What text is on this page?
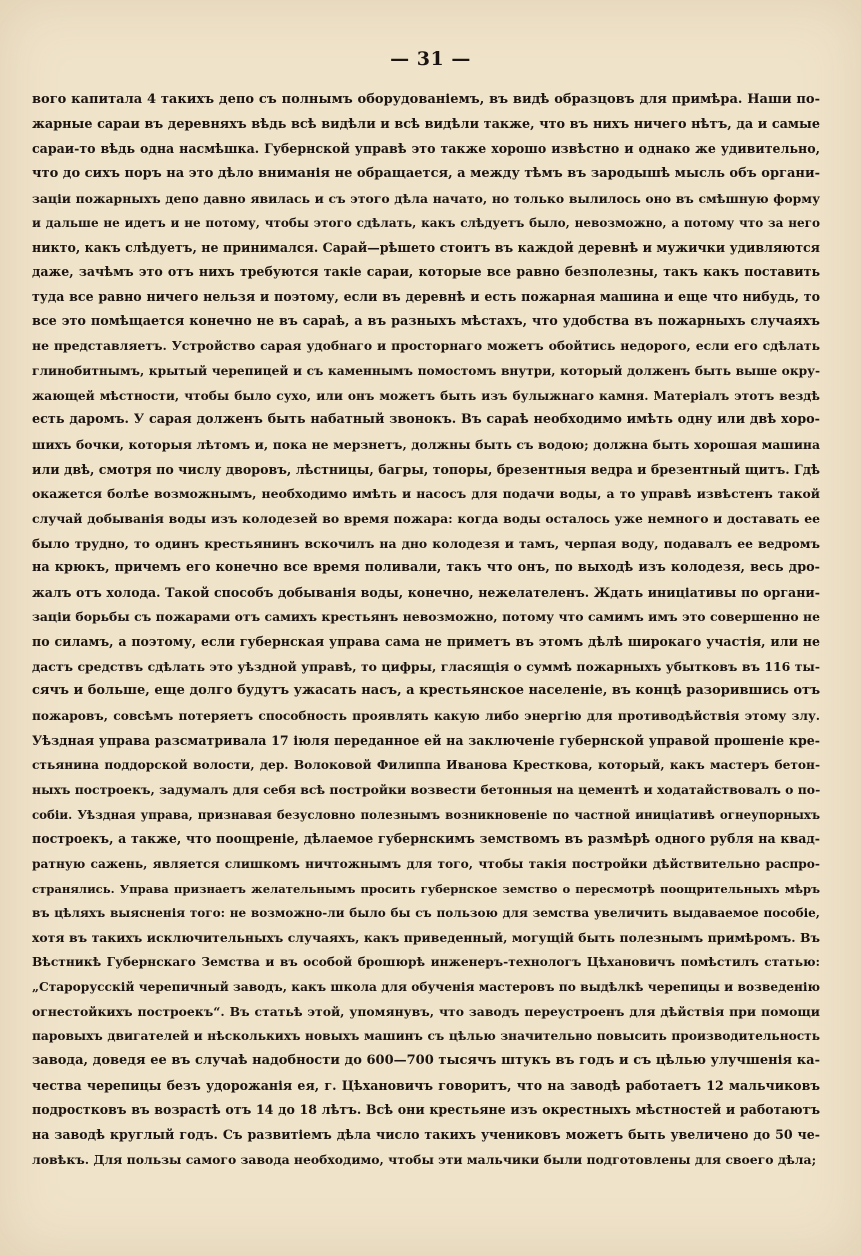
— 31 —
вого капитала 4 такихъ депо съ полнымъ оборудованіемъ, въ видѣ образцовъ для примѣра. Наши по-
жарные сараи въ деревняхъ вѣдь всѣ видѣли и всѣ видѣли также, что въ нихъ ничего нѣтъ, да и самые
сараи-то вѣдь одна насмѣшка. Губернской управѣ это также хорошо извѣстно и однако же удивительно,
что до сихъ поръ на это дѣло вниманія не обращается, а между тѣмъ въ зародышѣ мысль объ органи-
заціи пожарныхъ депо давно явилась и съ этого дѣла начато, но только вылилось оно въ смѣшную форму
и дальше не идетъ и не потому, чтобы этого сдѣлать, какъ слѣдуетъ было, невозможно, а потому что за него
никто, какъ слѣдуетъ, не принимался. Сарай—рѣшето стоитъ въ каждой деревнѣ и мужички удивляются
даже, зачѣмъ это отъ нихъ требуются такіе сараи, которые все равно безполезны, такъ какъ поставить
туда все равно ничего нельзя и поэтому, если въ деревнѣ и есть пожарная машина и еще что нибудь, то
все это помѣщается конечно не въ сараѣ, а въ разныхъ мѣстахъ, что удобства въ пожарныхъ случаяхъ
не представляетъ. Устройство сарая удобнаго и просторнаго можетъ обойтись недорого, если его сдѣлать
глинобитнымъ, крытый черепицей и съ каменнымъ помостомъ внутри, который долженъ быть выше окру-
жающей мѣстности, чтобы было сухо, или онъ можетъ быть изъ булыжнаго камня. Матеріалъ этотъ вездѣ
есть даромъ. У сарая долженъ быть набатный звонокъ. Въ сараѣ необходимо имѣть одну или двѣ хоро-
шихъ бочки, которыя лѣтомъ и, пока не мерзнетъ, должны быть съ водою; должна быть хорошая машина
или двѣ, смотря по числу дворовъ, лѣстницы, багры, топоры, брезентныя ведра и брезентный щитъ. Гдѣ
окажется болѣе возможнымъ, необходимо имѣть и насосъ для подачи воды, а то управѣ извѣстенъ такой
случай добыванія воды изъ колодезей во время пожара: когда воды осталось уже немного и доставать ее
было трудно, то одинъ крестьянинъ вскочилъ на дно колодезя и тамъ, черпая воду, подавалъ ее ведромъ
на крюкъ, причемъ его конечно все время поливали, такъ что онъ, по выходѣ изъ колодезя, весь дро-
жалъ отъ холода. Такой способъ добыванія воды, конечно, нежелателенъ. Ждать иниціативы по органи-
заціи борьбы съ пожарами отъ самихъ крестьянъ невозможно, потому что самимъ имъ это совершенно не
по силамъ, а поэтому, если губернская управа сама не приметъ въ этомъ дѣлѣ широкаго участія, или не
дастъ средствъ сдѣлать это уѣздной управѣ, то цифры, гласящія о суммѣ пожарныхъ убытковъ въ 116 ты-
сячъ и больше, еще долго будутъ ужасать насъ, а крестьянское населеніе, въ концѣ разорившись отъ
пожаровъ, совсѣмъ потеряетъ способность проявлять какую либо энергію для противодѣйствія этому злу.
Уѣздная управа разсматривала 17 іюля переданное ей на заключеніе губернской управой прошеніе кре-
стьянина поддорской волости, дер. Волоковой Филиппа Иванова Кресткова, который, какъ мастеръ бетон-
ныхъ построекъ, задумалъ для себя всѣ постройки возвести бетонныя на цементѣ и ходатайствовалъ о по-
собіи. Уѣздная управа, признавая безусловно полезнымъ возникновеніе по частной иниціативѣ огнеупорныхъ
построекъ, а также, что поощреніе, дѣлаемое губернскимъ земствомъ въ размѣрѣ одного рубля на квад-
ратную сажень, является слишкомъ ничтожнымъ для того, чтобы такія постройки дѣйствительно распро-
странялись. Управа признаетъ желательнымъ просить губернское земство о пересмотрѣ поощрительныхъ мѣръ
въ цѣляхъ выясненія того: не возможно-ли было бы съ пользою для земства увеличить выдаваемое пособіе,
хотя въ такихъ исключительныхъ случаяхъ, какъ приведенный, могущій быть полезнымъ примѣромъ. Въ
Вѣстникѣ Губернскаго Земства и въ особой брошюрѣ инженеръ-технологъ Цѣхановичъ помѣстилъ статью:
„Старорусскій черепичный заводъ, какъ школа для обученія мастеровъ по выдѣлкѣ черепицы и возведенію
огнестойкихъ построекъ“. Въ статьѣ этой, упомянувъ, что заводъ переустроенъ для дѣйствія при помощи
паровыхъ двигателей и нѣсколькихъ новыхъ машинъ съ цѣлью значительно повысить производительность
завода, доведя ее въ случаѣ надобности до 600—700 тысячъ штукъ въ годъ и съ цѣлью улучшенія ка-
чества черепицы безъ удорожанія ея, г. Цѣхановичъ говоритъ, что на заводѣ работаетъ 12 мальчиковъ
подростковъ въ возрастѣ отъ 14 до 18 лѣтъ. Всѣ они крестьяне изъ окрестныхъ мѣстностей и работаютъ
на заводѣ круглый годъ. Съ развитіемъ дѣла число такихъ учениковъ можетъ быть увеличено до 50 че-
ловѣкъ. Для пользы самого завода необходимо, чтобы эти мальчики были подготовлены для своего дѣла;
